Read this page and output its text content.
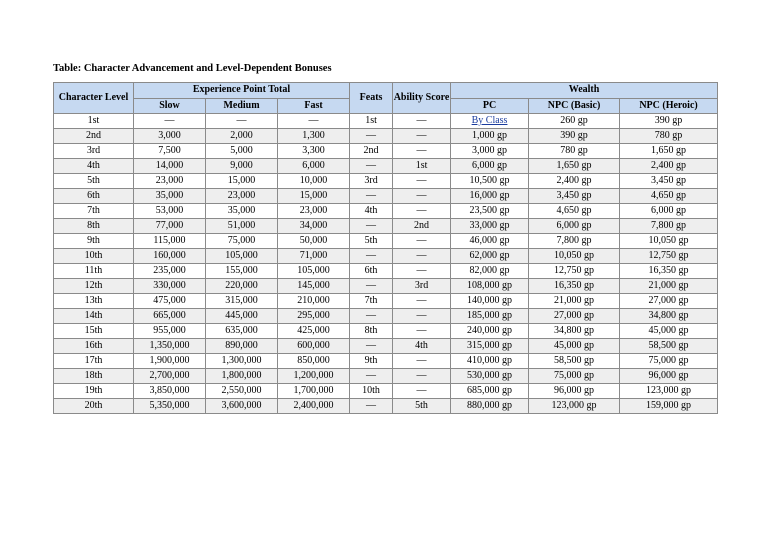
Table: Character Advancement and Level-Dependent Bonuses
Character Level	Experience Point Total			Feats	Ability Score	Wealth		
	Slow	Medium	Fast			PC	NPC (Basic)	NPC (Heroic)
1st	—	—	—	1st	—	By Class	260 gp	390 gp
2nd	3,000	2,000	1,300	—	—	1,000 gp	390 gp	780 gp
3rd	7,500	5,000	3,300	2nd	—	3,000 gp	780 gp	1,650 gp
4th	14,000	9,000	6,000	—	1st	6,000 gp	1,650 gp	2,400 gp
5th	23,000	15,000	10,000	3rd	—	10,500 gp	2,400 gp	3,450 gp
6th	35,000	23,000	15,000	—	—	16,000 gp	3,450 gp	4,650 gp
7th	53,000	35,000	23,000	4th	—	23,500 gp	4,650 gp	6,000 gp
8th	77,000	51,000	34,000	—	2nd	33,000 gp	6,000 gp	7,800 gp
9th	115,000	75,000	50,000	5th	—	46,000 gp	7,800 gp	10,050 gp
10th	160,000	105,000	71,000	—	—	62,000 gp	10,050 gp	12,750 gp
11th	235,000	155,000	105,000	6th	—	82,000 gp	12,750 gp	16,350 gp
12th	330,000	220,000	145,000	—	3rd	108,000 gp	16,350 gp	21,000 gp
13th	475,000	315,000	210,000	7th	—	140,000 gp	21,000 gp	27,000 gp
14th	665,000	445,000	295,000	—	—	185,000 gp	27,000 gp	34,800 gp
15th	955,000	635,000	425,000	8th	—	240,000 gp	34,800 gp	45,000 gp
16th	1,350,000	890,000	600,000	—	4th	315,000 gp	45,000 gp	58,500 gp
17th	1,900,000	1,300,000	850,000	9th	—	410,000 gp	58,500 gp	75,000 gp
18th	2,700,000	1,800,000	1,200,000	—	—	530,000 gp	75,000 gp	96,000 gp
19th	3,850,000	2,550,000	1,700,000	10th	—	685,000 gp	96,000 gp	123,000 gp
20th	5,350,000	3,600,000	2,400,000	—	5th	880,000 gp	123,000 gp	159,000 gp
